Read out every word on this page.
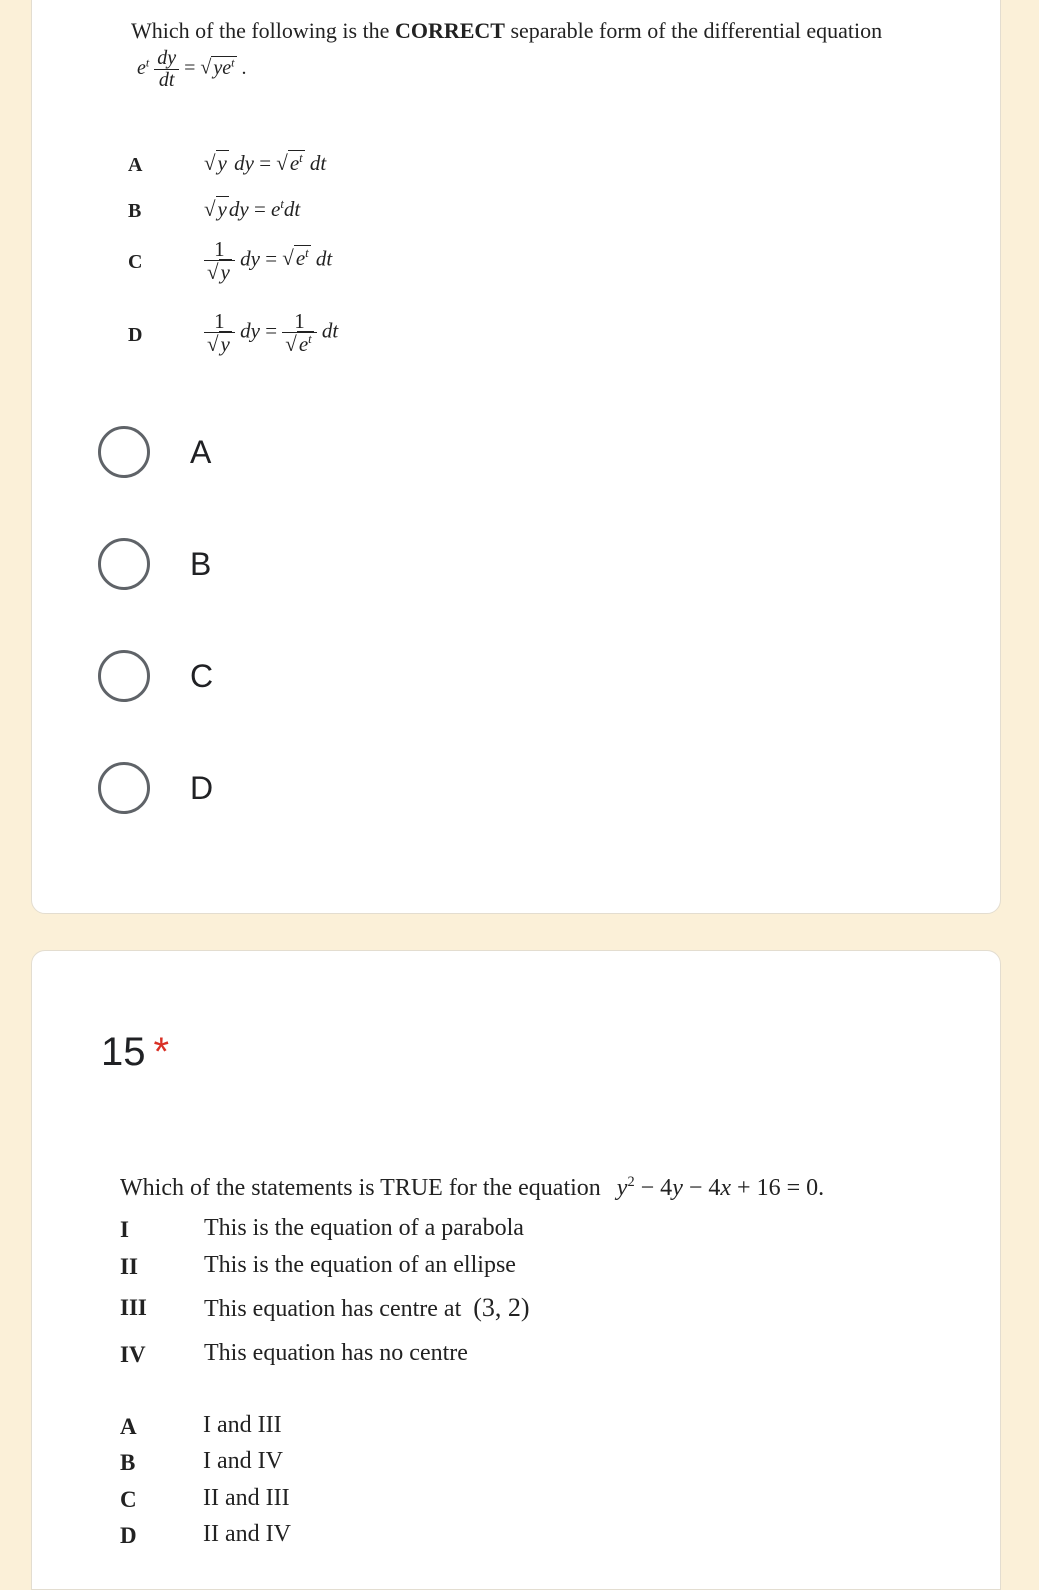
Which of the following is the CORRECT separable form of the differential equation
$e^t \frac{dy}{dt}$ = √ $ye^t$ .
A	√y dy = $√e^t$ dt
B	$√ydy = e^tdt$
C	$\frac{1}{√y}$ dy = $√e^t$ dt
D	$\frac{1}{√y}$ dy = $\frac{1}{√e^t}$ dt
A
B
C
D
15 *
Which of the statements is TRUE for the equation $y^2 - 4y - 4x + 16 = 0$.
I	This is the equation of a parabola
II	This is the equation of an ellipse
III This equation has centre at (3, 2)
IV This equation has no centre
A	I and III
B	I and IV
C	II and III
D	II and IV
